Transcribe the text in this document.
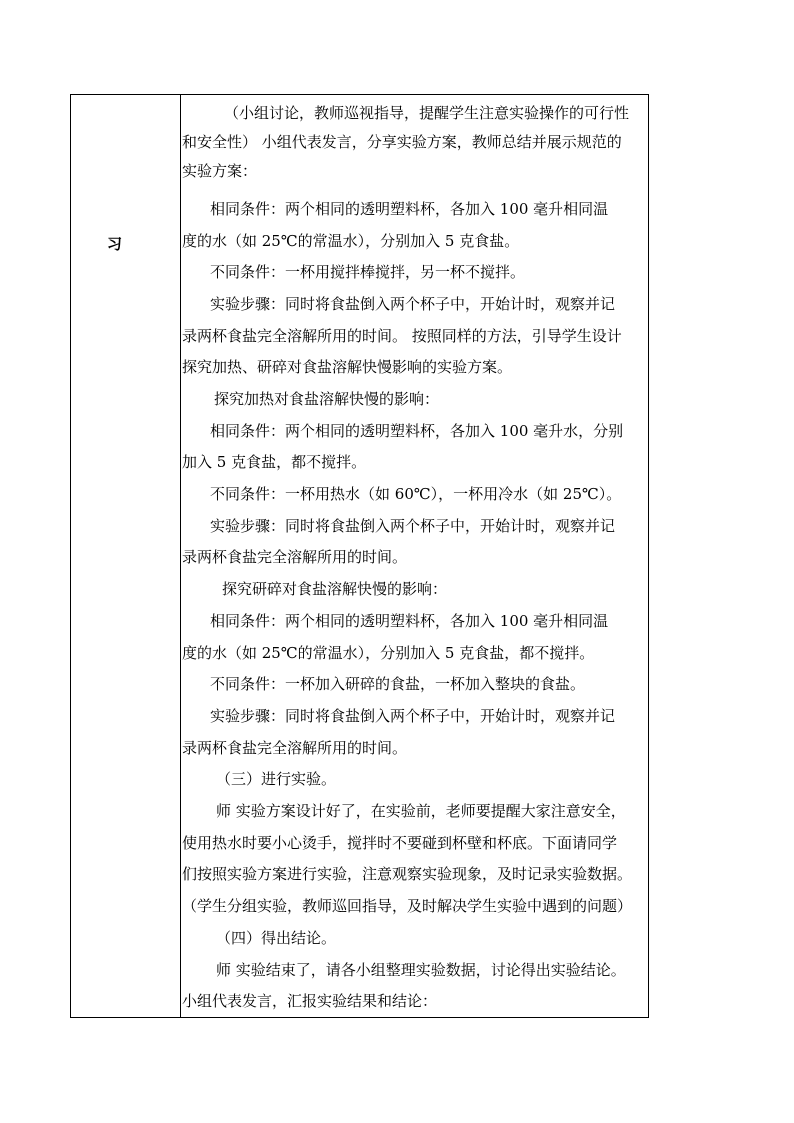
习
（小组讨论，教师巡视指导，提醒学生注意实验操作的可行性
和安全性） 小组代表发言，分享实验方案，教师总结并展示规范的
实验方案：
相同条件：两个相同的透明塑料杯，各加入 100 毫升相同温
度的水（如 25℃的常温水），分别加入 5 克食盐。
不同条件：一杯用搅拌棒搅拌，另一杯不搅拌。
实验步骤：同时将食盐倒入两个杯子中，开始计时，观察并记
录两杯食盐完全溶解所用的时间。 按照同样的方法，引导学生设计
探究加热、研碎对食盐溶解快慢影响的实验方案。
探究加热对食盐溶解快慢的影响：
相同条件：两个相同的透明塑料杯，各加入 100 毫升水，分别
加入 5 克食盐，都不搅拌。
不同条件：一杯用热水（如 60℃），一杯用冷水（如 25℃）。
实验步骤：同时将食盐倒入两个杯子中，开始计时，观察并记
录两杯食盐完全溶解所用的时间。
探究研碎对食盐溶解快慢的影响：
相同条件：两个相同的透明塑料杯，各加入 100 毫升相同温
度的水（如 25℃的常温水），分别加入 5 克食盐，都不搅拌。
不同条件：一杯加入研碎的食盐，一杯加入整块的食盐。
实验步骤：同时将食盐倒入两个杯子中，开始计时，观察并记
录两杯食盐完全溶解所用的时间。
（三）进行实验。
师 实验方案设计好了，在实验前，老师要提醒大家注意安全，
使用热水时要小心烫手，搅拌时不要碰到杯壁和杯底。下面请同学
们按照实验方案进行实验，注意观察实验现象，及时记录实验数据。
（学生分组实验，教师巡回指导，及时解决学生实验中遇到的问题）
（四）得出结论。
师 实验结束了，请各小组整理实验数据，讨论得出实验结论。
小组代表发言，汇报实验结果和结论：
